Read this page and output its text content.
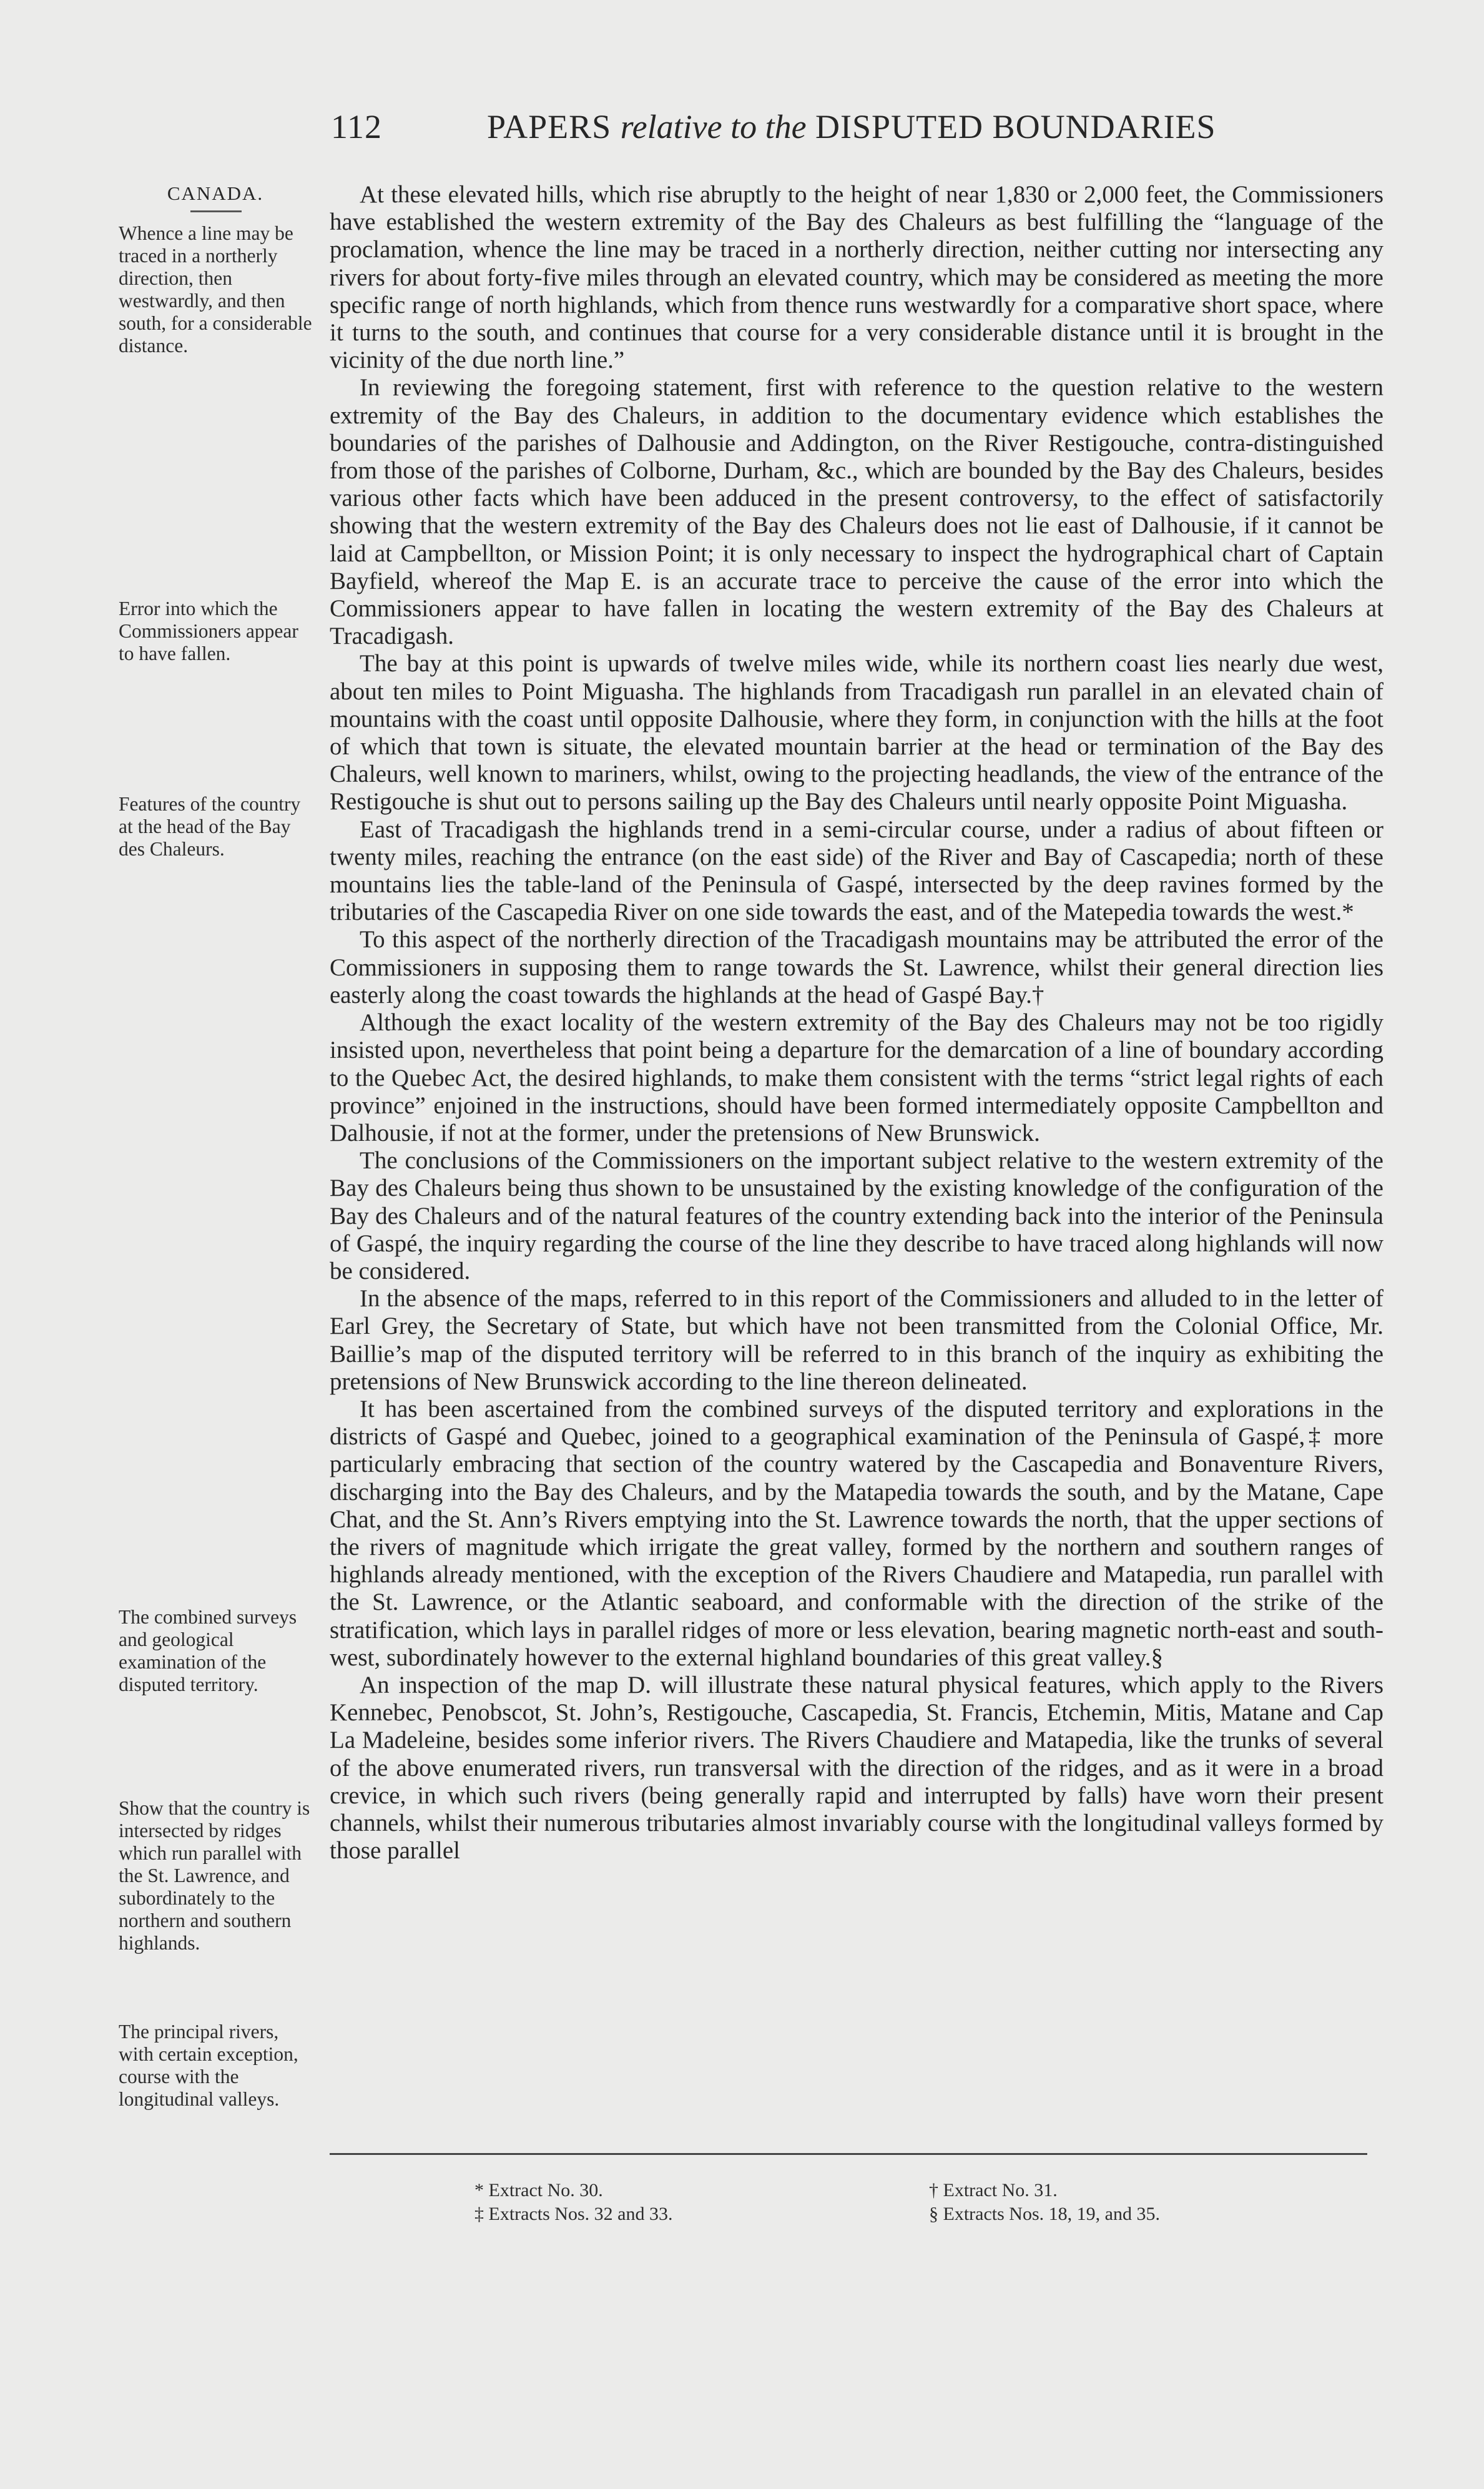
112	PAPERS relative to the DISPUTED BOUNDARIES
CANADA.
Whence a line may be traced in a northerly direction, then westwardly, and then south, for a considerable distance.
Error into which the Commissioners appear to have fallen.
Features of the country at the head of the Bay des Chaleurs.
The combined surveys and geological examination of the disputed territory.
Show that the country is intersected by ridges which run parallel with the St. Lawrence, and subordinately to the northern and southern highlands.
The principal rivers, with certain exception, course with the longitudinal valleys.

At these elevated hills, which rise abruptly to the height of near 1,830 or 2,000 feet, the Commissioners have established the western extremity of the Bay des Chaleurs as best fulfilling the “language of the proclamation, whence the line may be traced in a northerly direction, neither cutting nor intersecting any rivers for about forty-five miles through an elevated country, which may be considered as meeting the more specific range of north highlands, which from thence runs westwardly for a comparative short space, where it turns to the south, and continues that course for a very considerable distance until it is brought in the vicinity of the due north line.”

In reviewing the foregoing statement, first with reference to the question relative to the western extremity of the Bay des Chaleurs, in addition to the documentary evidence which establishes the boundaries of the parishes of Dalhousie and Addington, on the River Restigouche, contra-distinguished from those of the parishes of Colborne, Durham, &c., which are bounded by the Bay des Chaleurs, besides various other facts which have been adduced in the present controversy, to the effect of satisfactorily showing that the western extremity of the Bay des Chaleurs does not lie east of Dalhousie, if it cannot be laid at Campbellton, or Mission Point; it is only necessary to inspect the hydrographical chart of Captain Bayfield, whereof the Map E. is an accurate trace to perceive the cause of the error into which the Commissioners appear to have fallen in locating the western extremity of the Bay des Chaleurs at Tracadigash.

The bay at this point is upwards of twelve miles wide, while its northern coast lies nearly due west, about ten miles to Point Miguasha. The highlands from Tracadigash run parallel in an elevated chain of mountains with the coast until opposite Dalhousie, where they form, in conjunction with the hills at the foot of which that town is situate, the elevated mountain barrier at the head or termination of the Bay des Chaleurs, well known to mariners, whilst, owing to the projecting headlands, the view of the entrance of the Restigouche is shut out to persons sailing up the Bay des Chaleurs until nearly opposite Point Miguasha.

East of Tracadigash the highlands trend in a semi-circular course, under a radius of about fifteen or twenty miles, reaching the entrance (on the east side) of the River and Bay of Cascapedia; north of these mountains lies the table-land of the Peninsula of Gaspé, intersected by the deep ravines formed by the tributaries of the Cascapedia River on one side towards the east, and of the Matepedia towards the west.*

To this aspect of the northerly direction of the Tracadigash mountains may be attributed the error of the Commissioners in supposing them to range towards the St. Lawrence, whilst their general direction lies easterly along the coast towards the highlands at the head of Gaspé Bay.†

Although the exact locality of the western extremity of the Bay des Chaleurs may not be too rigidly insisted upon, nevertheless that point being a departure for the demarcation of a line of boundary according to the Quebec Act, the desired highlands, to make them consistent with the terms “strict legal rights of each province” enjoined in the instructions, should have been formed intermediately opposite Campbellton and Dalhousie, if not at the former, under the pretensions of New Brunswick.

The conclusions of the Commissioners on the important subject relative to the western extremity of the Bay des Chaleurs being thus shown to be unsustained by the existing knowledge of the configuration of the Bay des Chaleurs and of the natural features of the country extending back into the interior of the Peninsula of Gaspé, the inquiry regarding the course of the line they describe to have traced along highlands will now be considered.

In the absence of the maps, referred to in this report of the Commissioners and alluded to in the letter of Earl Grey, the Secretary of State, but which have not been transmitted from the Colonial Office, Mr. Baillie’s map of the disputed territory will be referred to in this branch of the inquiry as exhibiting the pretensions of New Brunswick according to the line thereon delineated.

It has been ascertained from the combined surveys of the disputed territory and explorations in the districts of Gaspé and Quebec, joined to a geographical examination of the Peninsula of Gaspé,‡ more particularly embracing that section of the country watered by the Cascapedia and Bonaventure Rivers, discharging into the Bay des Chaleurs, and by the Matapedia towards the south, and by the Matane, Cape Chat, and the St. Ann’s Rivers emptying into the St. Lawrence towards the north, that the upper sections of the rivers of magnitude which irrigate the great valley, formed by the northern and southern ranges of highlands already mentioned, with the exception of the Rivers Chaudiere and Matapedia, run parallel with the St. Lawrence, or the Atlantic seaboard, and conformable with the direction of the strike of the stratification, which lays in parallel ridges of more or less elevation, bearing magnetic north-east and south-west, subordinately however to the external highland boundaries of this great valley.§

An inspection of the map D. will illustrate these natural physical features, which apply to the Rivers Kennebec, Penobscot, St. John’s, Restigouche, Cascapedia, St. Francis, Etchemin, Mitis, Matane and Cap La Madeleine, besides some inferior rivers. The Rivers Chaudiere and Matapedia, like the trunks of several of the above enumerated rivers, run transversal with the direction of the ridges, and as it were in a broad crevice, in which such rivers (being generally rapid and interrupted by falls) have worn their present channels, whilst their numerous tributaries almost invariably course with the longitudinal valleys formed by those parallel

* Extract No. 30.	† Extract No. 31.
‡ Extracts Nos. 32 and 33.	§ Extracts Nos. 18, 19, and 35.
